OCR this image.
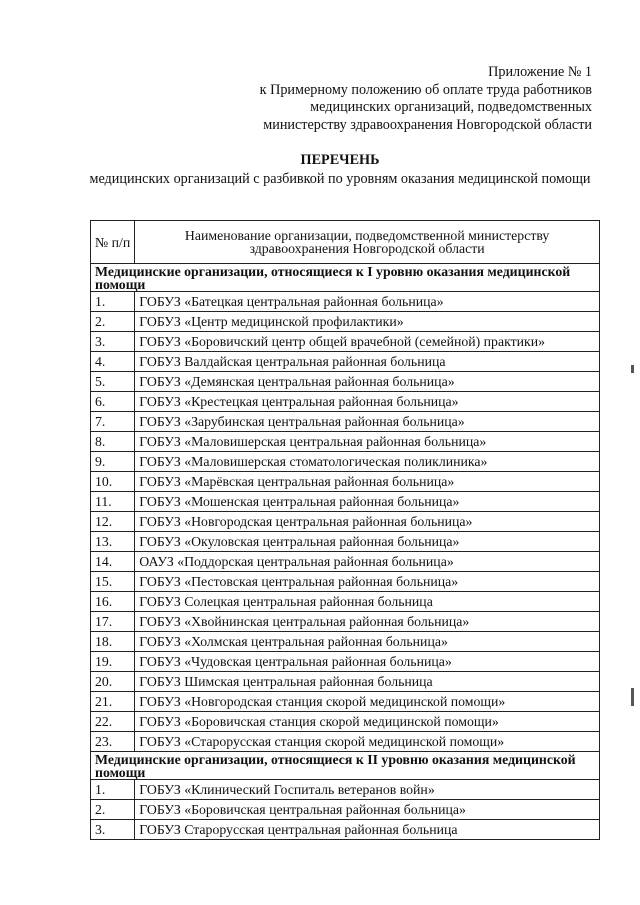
Приложение № 1
к Примерному положению об оплате труда работников
медицинских организаций, подведомственных
министерству здравоохранения Новгородской области
ПЕРЕЧЕНЬ
медицинских организаций с разбивкой по уровням оказания медицинской помощи
№ п/п	Наименование организации, подведомственной министерству здравоохранения Новгородской области
Медицинские организации, относящиеся к I уровню оказания медицинской помощи	
1.	ГОБУЗ «Батецкая центральная районная больница»
2.	ГОБУЗ «Центр медицинской профилактики»
3.	ГОБУЗ «Боровичский центр общей врачебной (семейной) практики»
4.	ГОБУЗ Валдайская центральная районная больница
5.	ГОБУЗ «Демянская центральная районная больница»
6.	ГОБУЗ «Крестецкая центральная районная больница»
7.	ГОБУЗ «Зарубинская центральная районная больница»
8.	ГОБУЗ «Маловишерская центральная районная больница»
9.	ГОБУЗ «Маловишерская стоматологическая поликлиника»
10.	ГОБУЗ «Марёвская центральная районная больница»
11.	ГОБУЗ «Мошенская центральная районная больница»
12.	ГОБУЗ «Новгородская центральная районная больница»
13.	ГОБУЗ «Окуловская центральная районная больница»
14.	ОАУЗ «Поддорская центральная районная больница»
15.	ГОБУЗ «Пестовская центральная районная больница»
16.	ГОБУЗ Солецкая центральная районная больница
17.	ГОБУЗ «Хвойнинская центральная районная больница»
18.	ГОБУЗ «Холмская центральная районная больница»
19.	ГОБУЗ «Чудовская центральная районная больница»
20.	ГОБУЗ Шимская центральная районная больница
21.	ГОБУЗ «Новгородская станция скорой медицинской помощи»
22.	ГОБУЗ «Боровичская станция скорой медицинской помощи»
23.	ГОБУЗ «Старорусская станция скорой медицинской помощи»
Медицинские организации, относящиеся к II уровню оказания медицинской помощи	
1.	ГОБУЗ «Клинический Госпиталь ветеранов войн»
2.	ГОБУЗ «Боровичская центральная районная больница»
3.	ГОБУЗ Старорусская центральная районная больница
